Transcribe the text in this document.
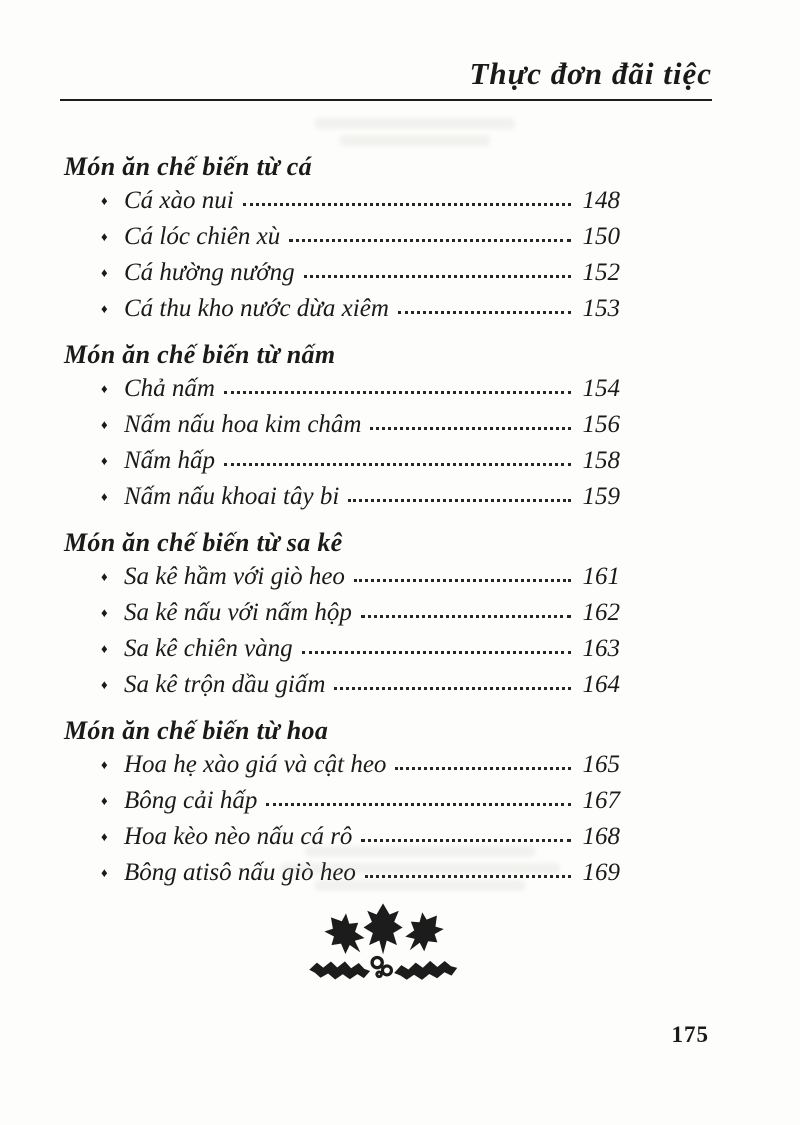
Thực đơn đãi tiệc
Món ăn chế biến từ cá
♦ Cá xào nui	148
♦ Cá lóc chiên xù	150
♦ Cá hường nướng	152
♦ Cá thu kho nước dừa xiêm	153
Món ăn chế biến từ nấm
♦ Chả nấm	154
♦ Nấm nấu hoa kim châm	156
♦ Nấm hấp	158
♦ Nấm nấu khoai tây bi	159
Món ăn chế biến từ sa kê
♦ Sa kê hầm với giò heo	161
♦ Sa kê nấu với nấm hộp	162
♦ Sa kê chiên vàng	163
♦ Sa kê trộn dầu giấm	164
Món ăn chế biến từ hoa
♦ Hoa hẹ xào giá và cật heo	165
♦ Bông cải hấp	167
♦ Hoa kèo nèo nấu cá rô	168
♦ Bông atisô nấu giò heo	169
175
